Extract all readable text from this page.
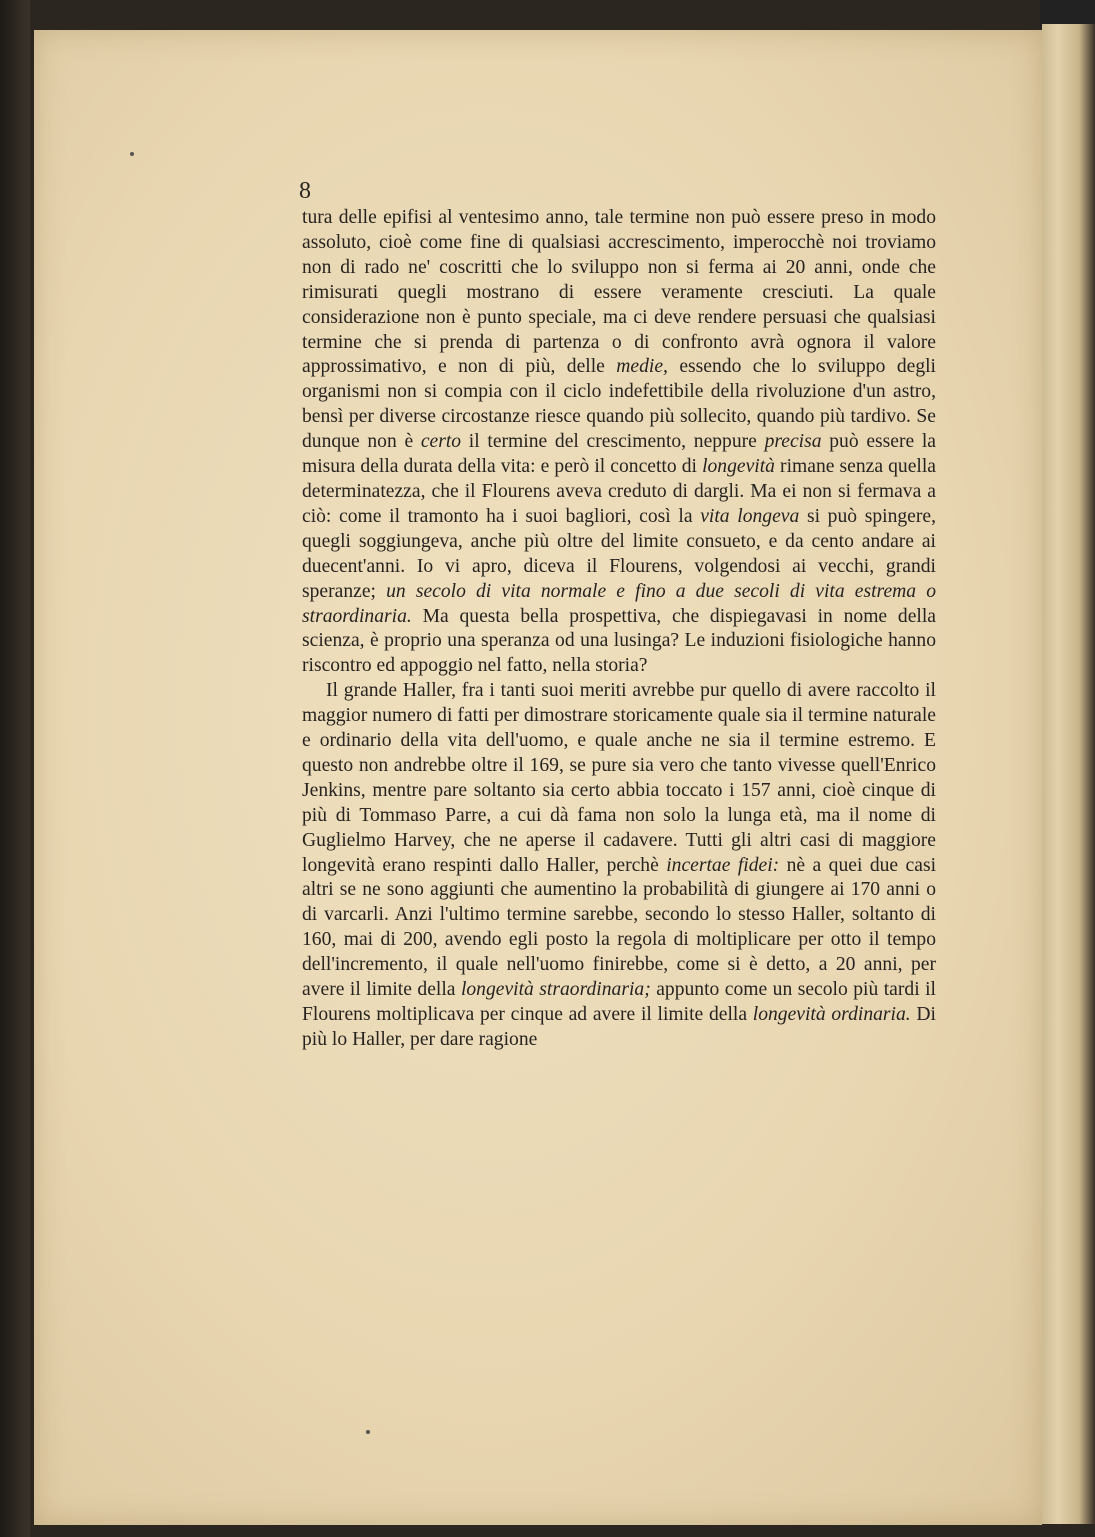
8

tura delle epifisi al ventesimo anno, tale termine non può essere preso in modo assoluto, cioè come fine di qualsiasi accrescimento, imperocchè noi troviamo non di rado ne' coscritti che lo sviluppo non si ferma ai 20 anni, onde che rimisurati quegli mostrano di essere veramente cresciuti. La quale considerazione non è punto speciale, ma ci deve rendere persuasi che qualsiasi termine che si prenda di partenza o di confronto avrà ognora il valore approssimativo, e non di più, delle medie, essendo che lo sviluppo degli organismi non si compia con il ciclo indefettibile della rivoluzione d'un astro, bensì per diverse circostanze riesce quando più sollecito, quando più tardivo. Se dunque non è certo il termine del crescimento, neppure precisa può essere la misura della durata della vita: e però il concetto di longevità rimane senza quella determinatezza, che il Flourens aveva creduto di dargli. Ma ei non si fermava a ciò: come il tramonto ha i suoi bagliori, così la vita longeva si può spingere, quegli soggiungeva, anche più oltre del limite consueto, e da cento andare ai duecent'anni. Io vi apro, diceva il Flourens, volgendosi ai vecchi, grandi speranze; un secolo di vita normale e fino a due secoli di vita estrema o straordinaria. Ma questa bella prospettiva, che dispiegavasi in nome della scienza, è proprio una speranza od una lusinga? Le induzioni fisiologiche hanno riscontro ed appoggio nel fatto, nella storia?

Il grande Haller, fra i tanti suoi meriti avrebbe pur quello di avere raccolto il maggior numero di fatti per dimostrare storicamente quale sia il termine naturale e ordinario della vita dell'uomo, e quale anche ne sia il termine estremo. E questo non andrebbe oltre il 169, se pure sia vero che tanto vivesse quell'Enrico Jenkins, mentre pare soltanto sia certo abbia toccato i 157 anni, cioè cinque di più di Tommaso Parre, a cui dà fama non solo la lunga età, ma il nome di Guglielmo Harvey, che ne aperse il cadavere. Tutti gli altri casi di maggiore longevità erano respinti dallo Haller, perchè incertae fidei: nè a quei due casi altri se ne sono aggiunti che aumentino la probabilità di giungere ai 170 anni o di varcarli. Anzi l'ultimo termine sarebbe, secondo lo stesso Haller, soltanto di 160, mai di 200, avendo egli posto la regola di moltiplicare per otto il tempo dell'incremento, il quale nell'uomo finirebbe, come si è detto, a 20 anni, per avere il limite della longevità straordinaria; appunto come un secolo più tardi il Flourens moltiplicava per cinque ad avere il limite della longevità ordinaria. Di più lo Haller, per dare ragione
